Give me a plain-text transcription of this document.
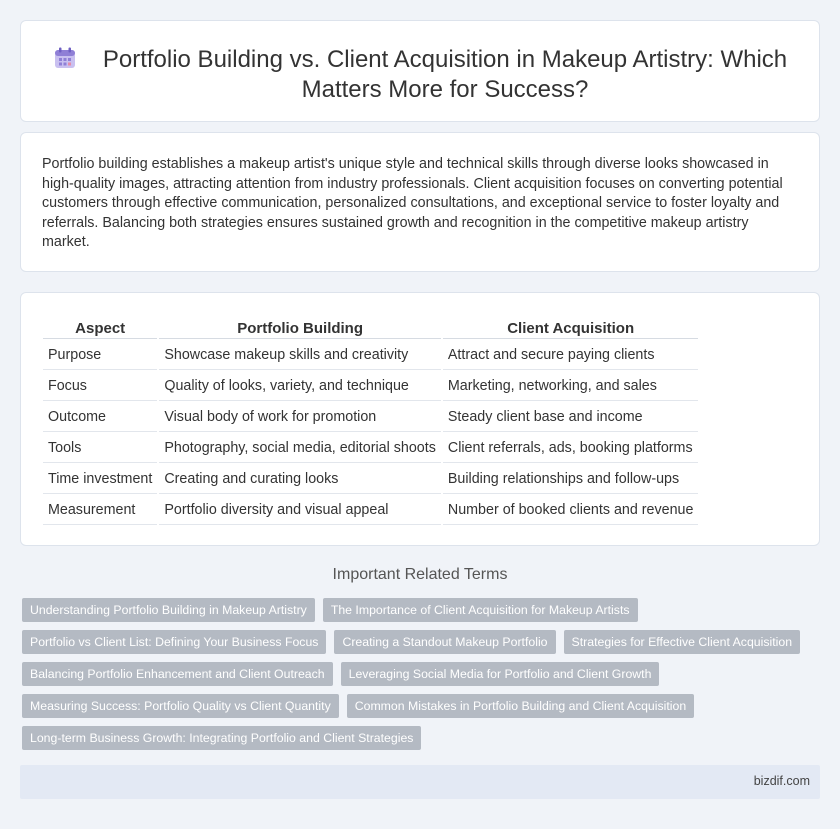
Portfolio Building vs. Client Acquisition in Makeup Artistry: Which Matters More for Success?

Portfolio building establishes a makeup artist's unique style and technical skills through diverse looks showcased in high-quality images, attracting attention from industry professionals. Client acquisition focuses on converting potential customers through effective communication, personalized consultations, and exceptional service to foster loyalty and referrals. Balancing both strategies ensures sustained growth and recognition in the competitive makeup artistry market.

Aspect	Portfolio Building	Client Acquisition
Purpose	Showcase makeup skills and creativity	Attract and secure paying clients
Focus	Quality of looks, variety, and technique	Marketing, networking, and sales
Outcome	Visual body of work for promotion	Steady client base and income
Tools	Photography, social media, editorial shoots	Client referrals, ads, booking platforms
Time investment	Creating and curating looks	Building relationships and follow-ups
Measurement	Portfolio diversity and visual appeal	Number of booked clients and revenue
Important Related Terms
Understanding Portfolio Building in Makeup Artistry	The Importance of Client Acquisition for Makeup Artists
Portfolio vs Client List: Defining Your Business Focus	Creating a Standout Makeup Portfolio	Strategies for Effective Client Acquisition
Balancing Portfolio Enhancement and Client Outreach	Leveraging Social Media for Portfolio and Client Growth
Measuring Success: Portfolio Quality vs Client Quantity	Common Mistakes in Portfolio Building and Client Acquisition
Long-term Business Growth: Integrating Portfolio and Client Strategies
bizdif.com
